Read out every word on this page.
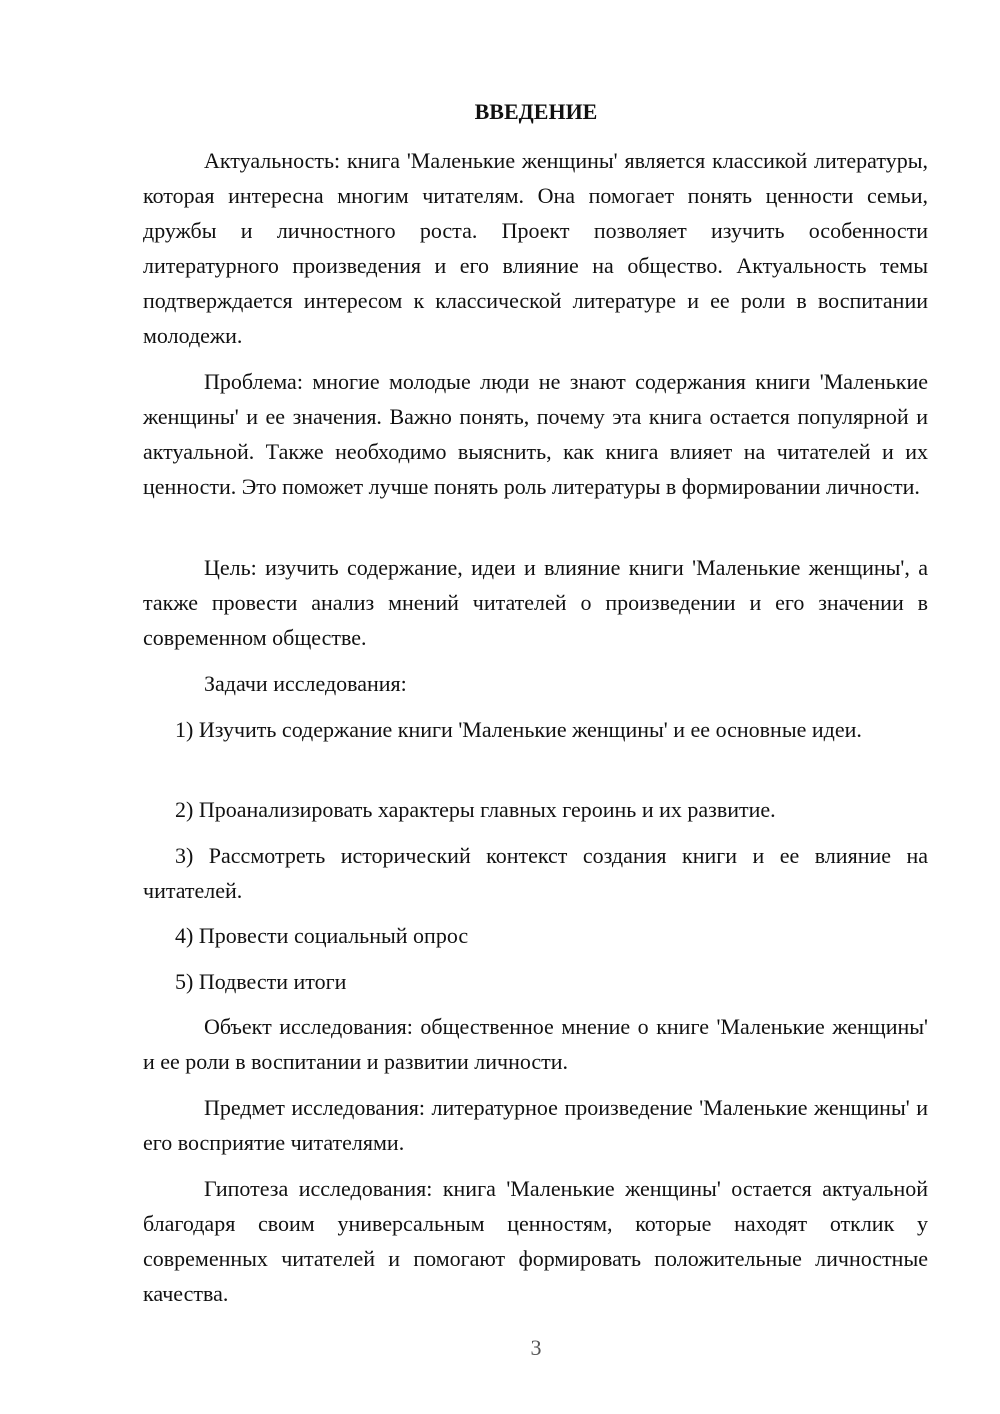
ВВЕДЕНИЕ

Актуальность: книга 'Маленькие женщины' является классикой литературы, которая интересна многим читателям. Она помогает понять ценности семьи, дружбы и личностного роста. Проект позволяет изучить особенности литературного произведения и его влияние на общество. Актуальность темы подтверждается интересом к классической литературе и ее роли в воспитании молодежи.

Проблема: многие молодые люди не знают содержания книги 'Маленькие женщины' и ее значения. Важно понять, почему эта книга остается популярной и актуальной. Также необходимо выяснить, как книга влияет на читателей и их ценности. Это поможет лучше понять роль литературы в формировании личности.

Цель: изучить содержание, идеи и влияние книги 'Маленькие женщины', а также провести анализ мнений читателей о произведении и его значении в современном обществе.

Задачи исследования:

1) Изучить содержание книги 'Маленькие женщины' и ее основные идеи.

2) Проанализировать характеры главных героинь и их развитие.

3) Рассмотреть исторический контекст создания книги и ее влияние на читателей.

4) Провести социальный опрос

5) Подвести итоги

Объект исследования: общественное мнение о книге 'Маленькие женщины' и ее роли в воспитании и развитии личности.

Предмет исследования: литературное произведение 'Маленькие женщины' и его восприятие читателями.

Гипотеза исследования: книга 'Маленькие женщины' остается актуальной благодаря своим универсальным ценностям, которые находят отклик у современных читателей и помогают формировать положительные личностные качества.

3
